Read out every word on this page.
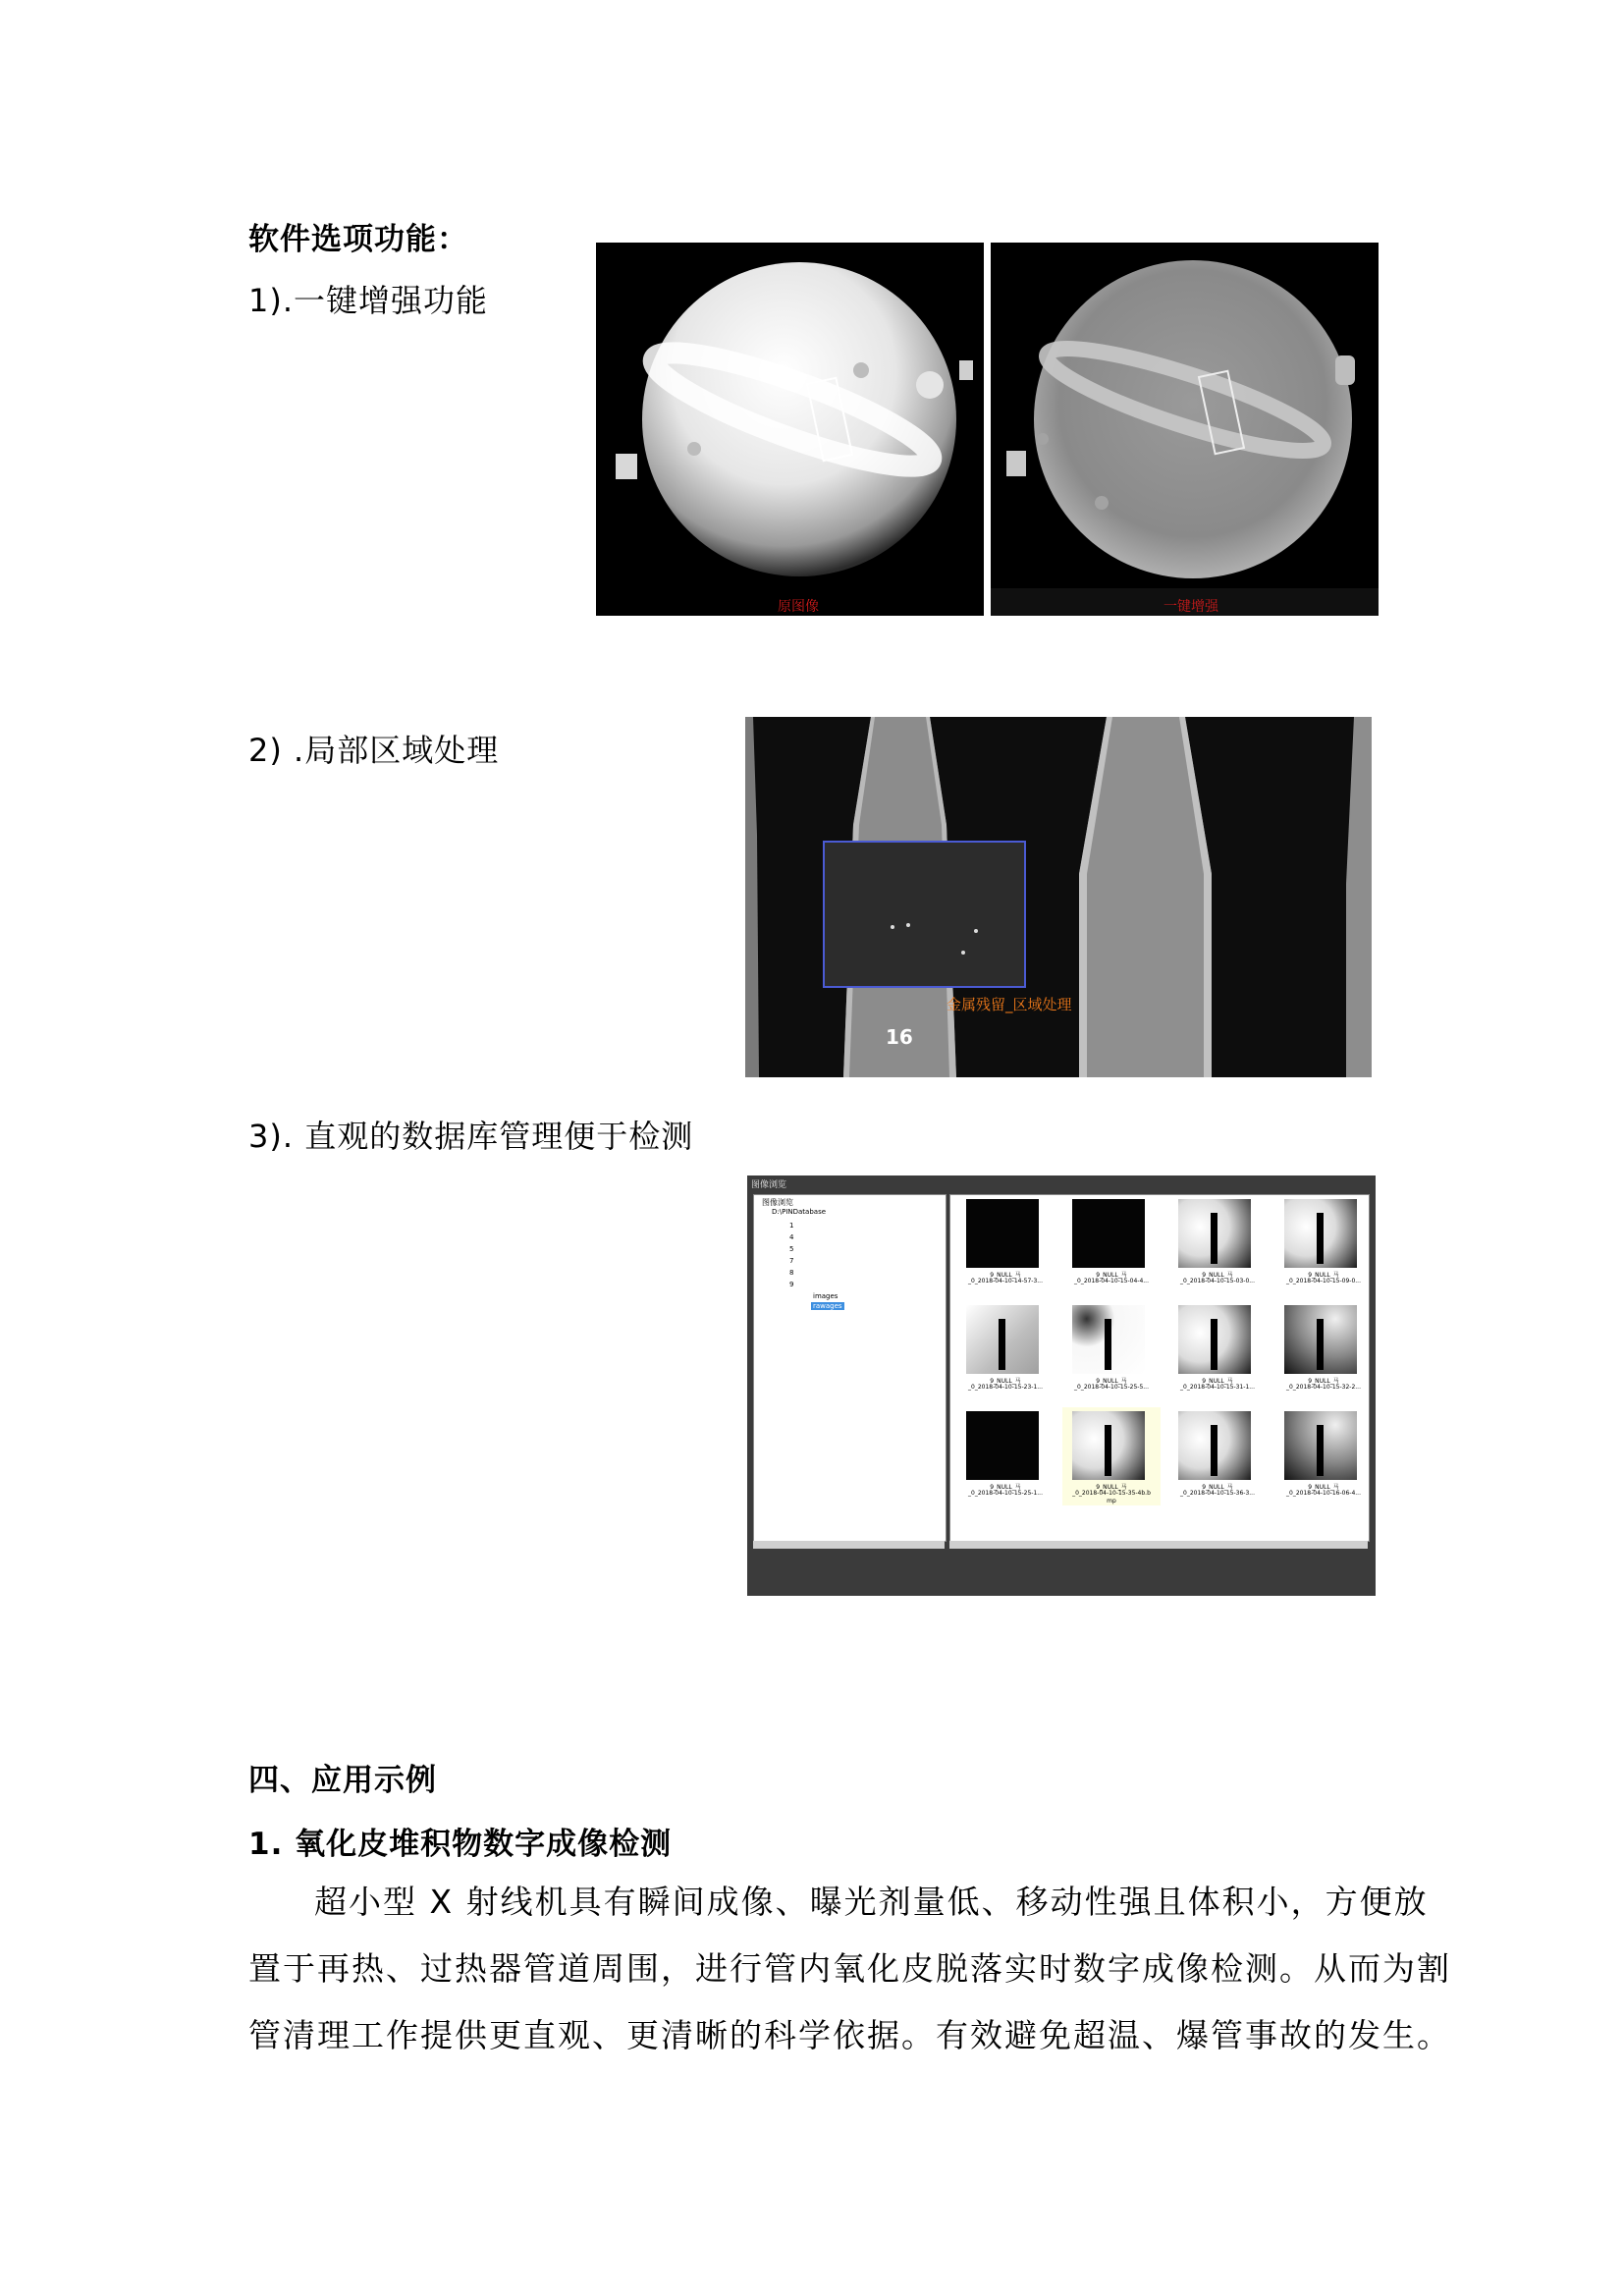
软件选项功能：
1).一键增强功能
原图像	一键增强
2) .局部区域处理
金属残留_区域处理
16
3). 直观的数据库管理便于检测
图像浏览
图像浏览
D:\PINDatabase
1
4
5
7
8
9
images
rawages
9_NULL_马
_0_2018-04-10-14-57-3...
9_NULL_马
_0_2018-04-10-15-04-4...
9_NULL_马
_0_2018-04-10-15-03-0...
9_NULL_马
_0_2018-04-10-15-09-0...
9_NULL_马
_0_2018-04-10-15-23-1...
9_NULL_马
_0_2018-04-10-15-25-5...
9_NULL_马
_0_2018-04-10-15-31-1...
9_NULL_马
_0_2018-04-10-15-32-2...
9_NULL_马
_0_2018-04-10-15-25-1...
9_NULL_马
_0_2018-04-10-15-35-4b.b
mp
9_NULL_马
_0_2018-04-10-15-36-3...
9_NULL_马
_0_2018-04-10-16-06-4...
四、应用示例
1. 氧化皮堆积物数字成像检测
超小型 X 射线机具有瞬间成像、曝光剂量低、移动性强且体积小，方便放
置于再热、过热器管道周围，进行管内氧化皮脱落实时数字成像检测。从而为割
管清理工作提供更直观、更清晰的科学依据。有效避免超温、爆管事故的发生。
